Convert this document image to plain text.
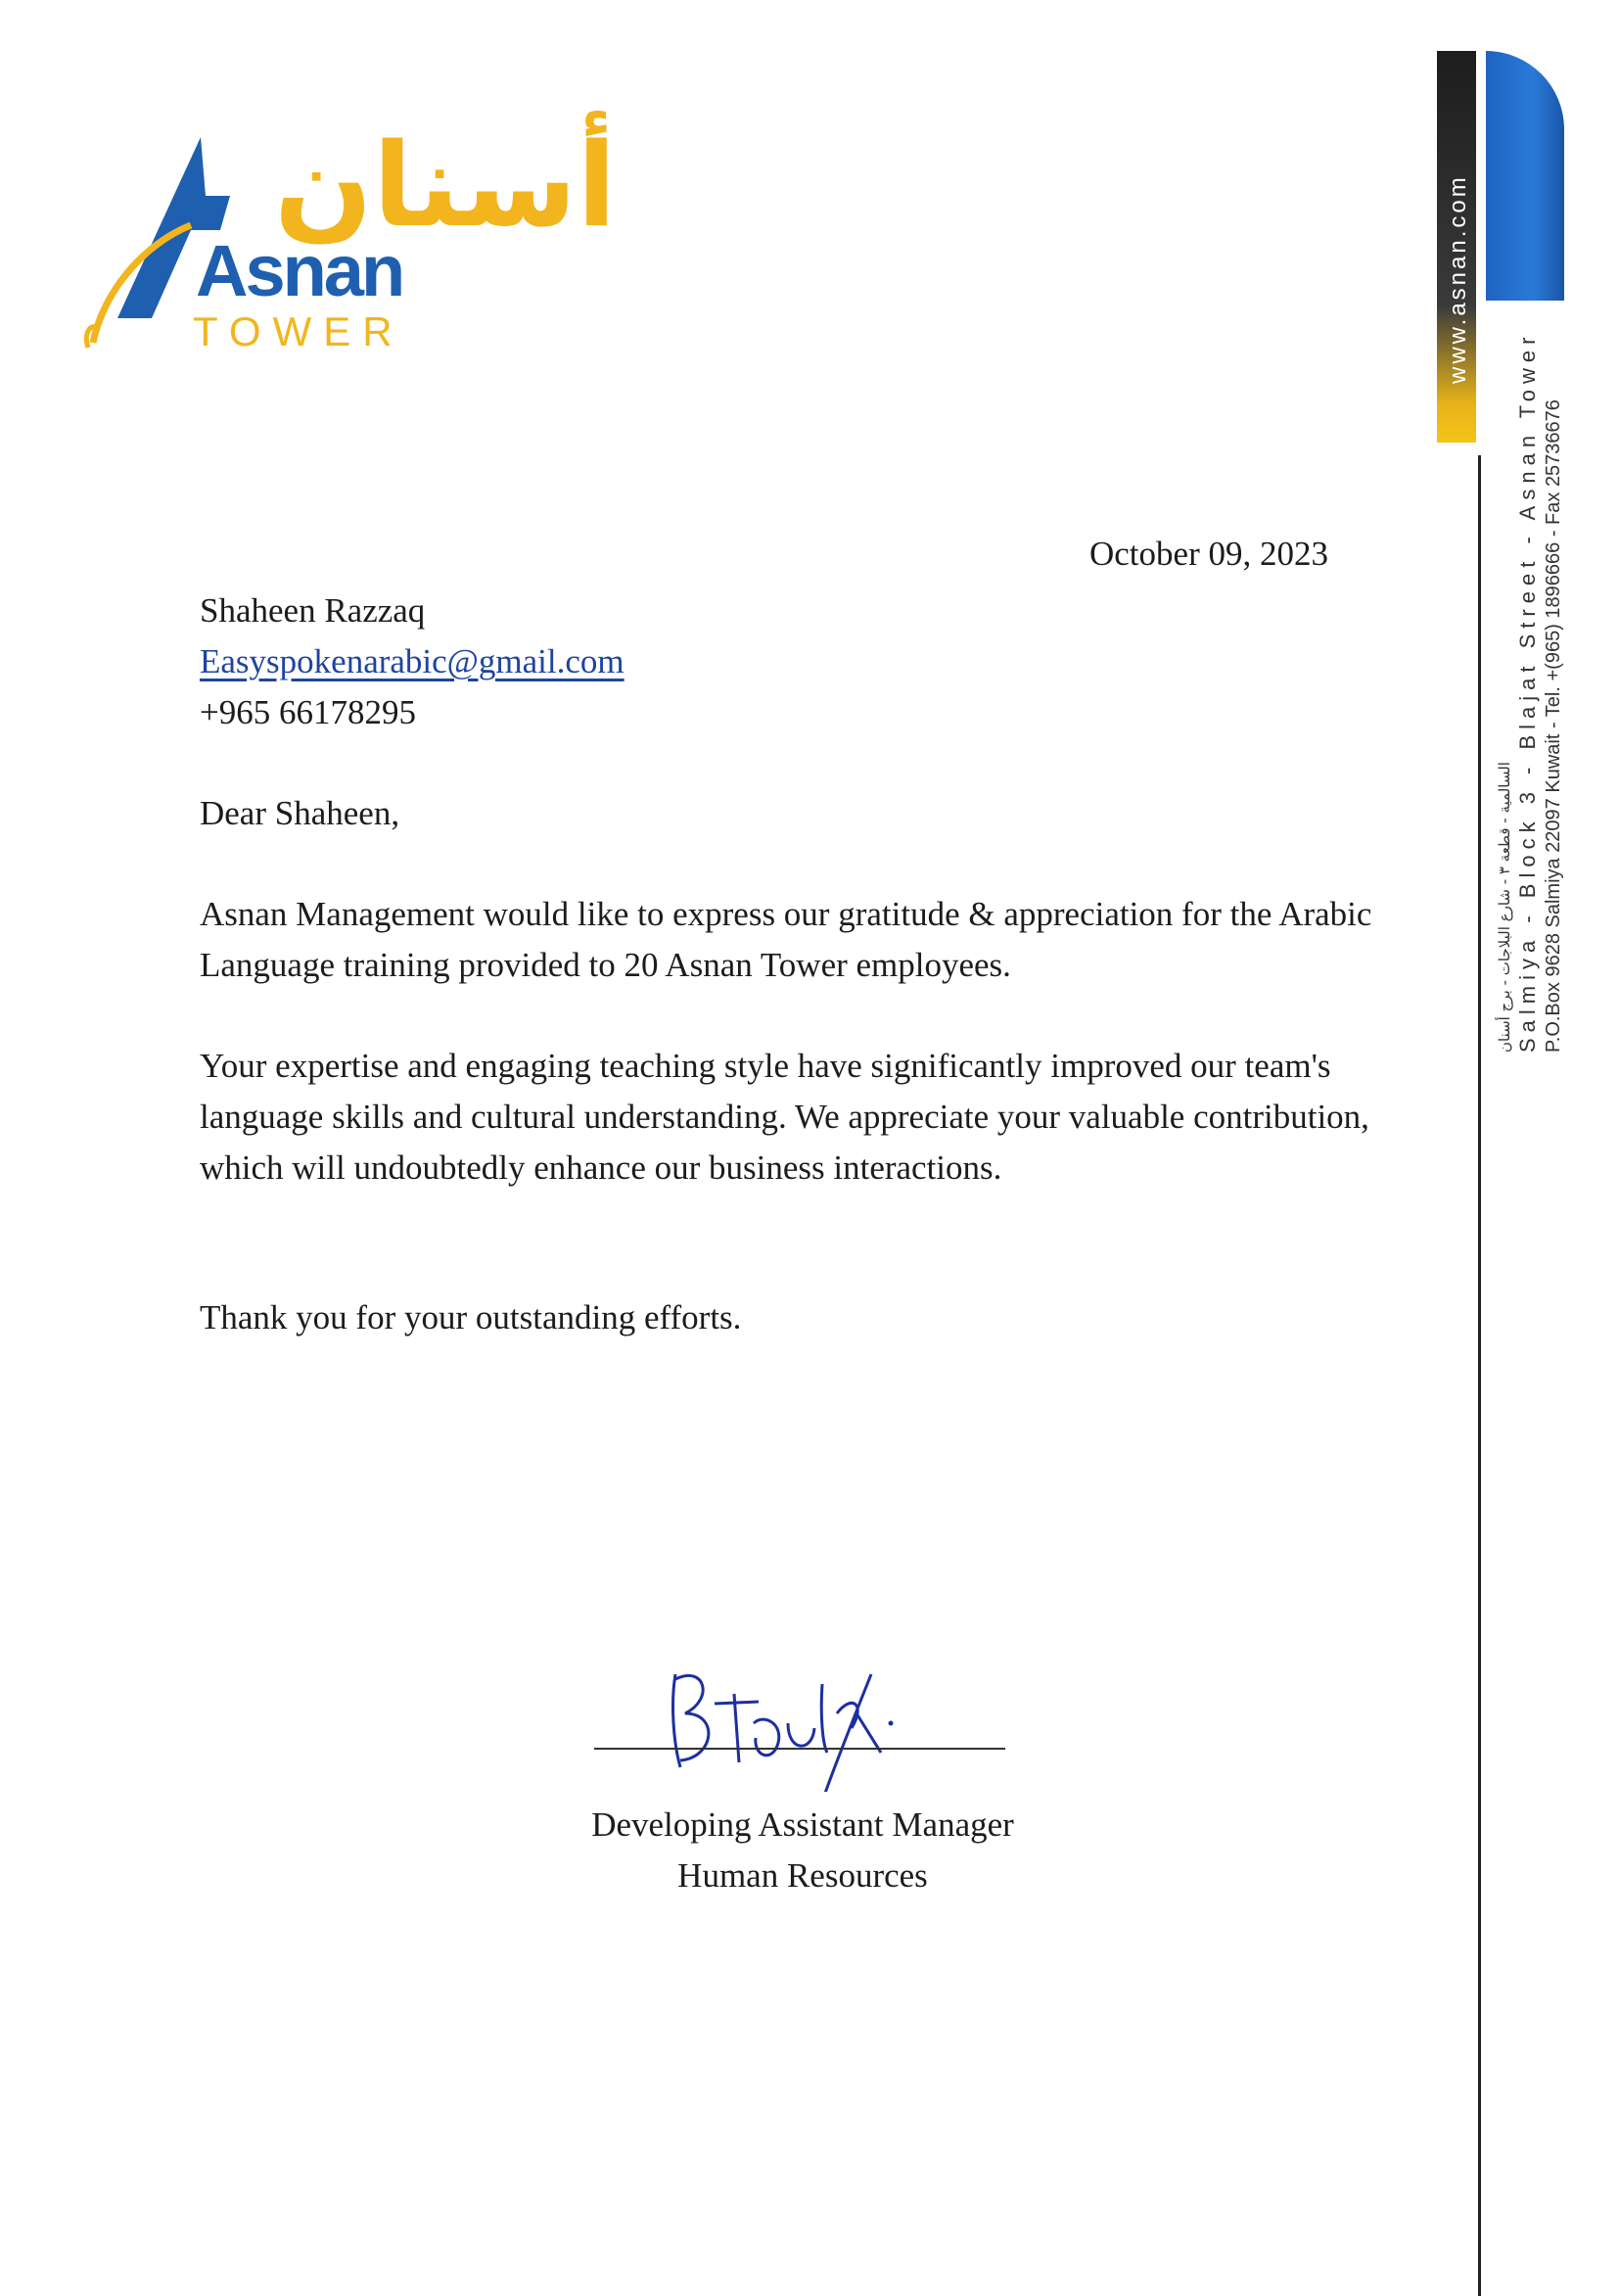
أسنان
Asnan
TOWER	www.asnan.com
السالمية - قطعة ٣ - شارع البلاجات - برج أسنان Salmiya - Block 3 - Blajat Street - Asnan Tower P.O.Box 9628 Salmiya 22097 Kuwait - Tel. +(965) 1896666 - Fax 25736676
October 09, 2023
Shaheen Razzaq
Easyspokenarabic@gmail.com
+965 66178295
Dear Shaheen,
Asnan Management would like to express our gratitude & appreciation for the Arabic Language training provided to 20 Asnan Tower employees.
Your expertise and engaging teaching style have significantly improved our team's language skills and cultural understanding. We appreciate your valuable contribution, which will undoubtedly enhance our business interactions.
Thank you for your outstanding efforts.
Developing Assistant Manager
Human Resources
